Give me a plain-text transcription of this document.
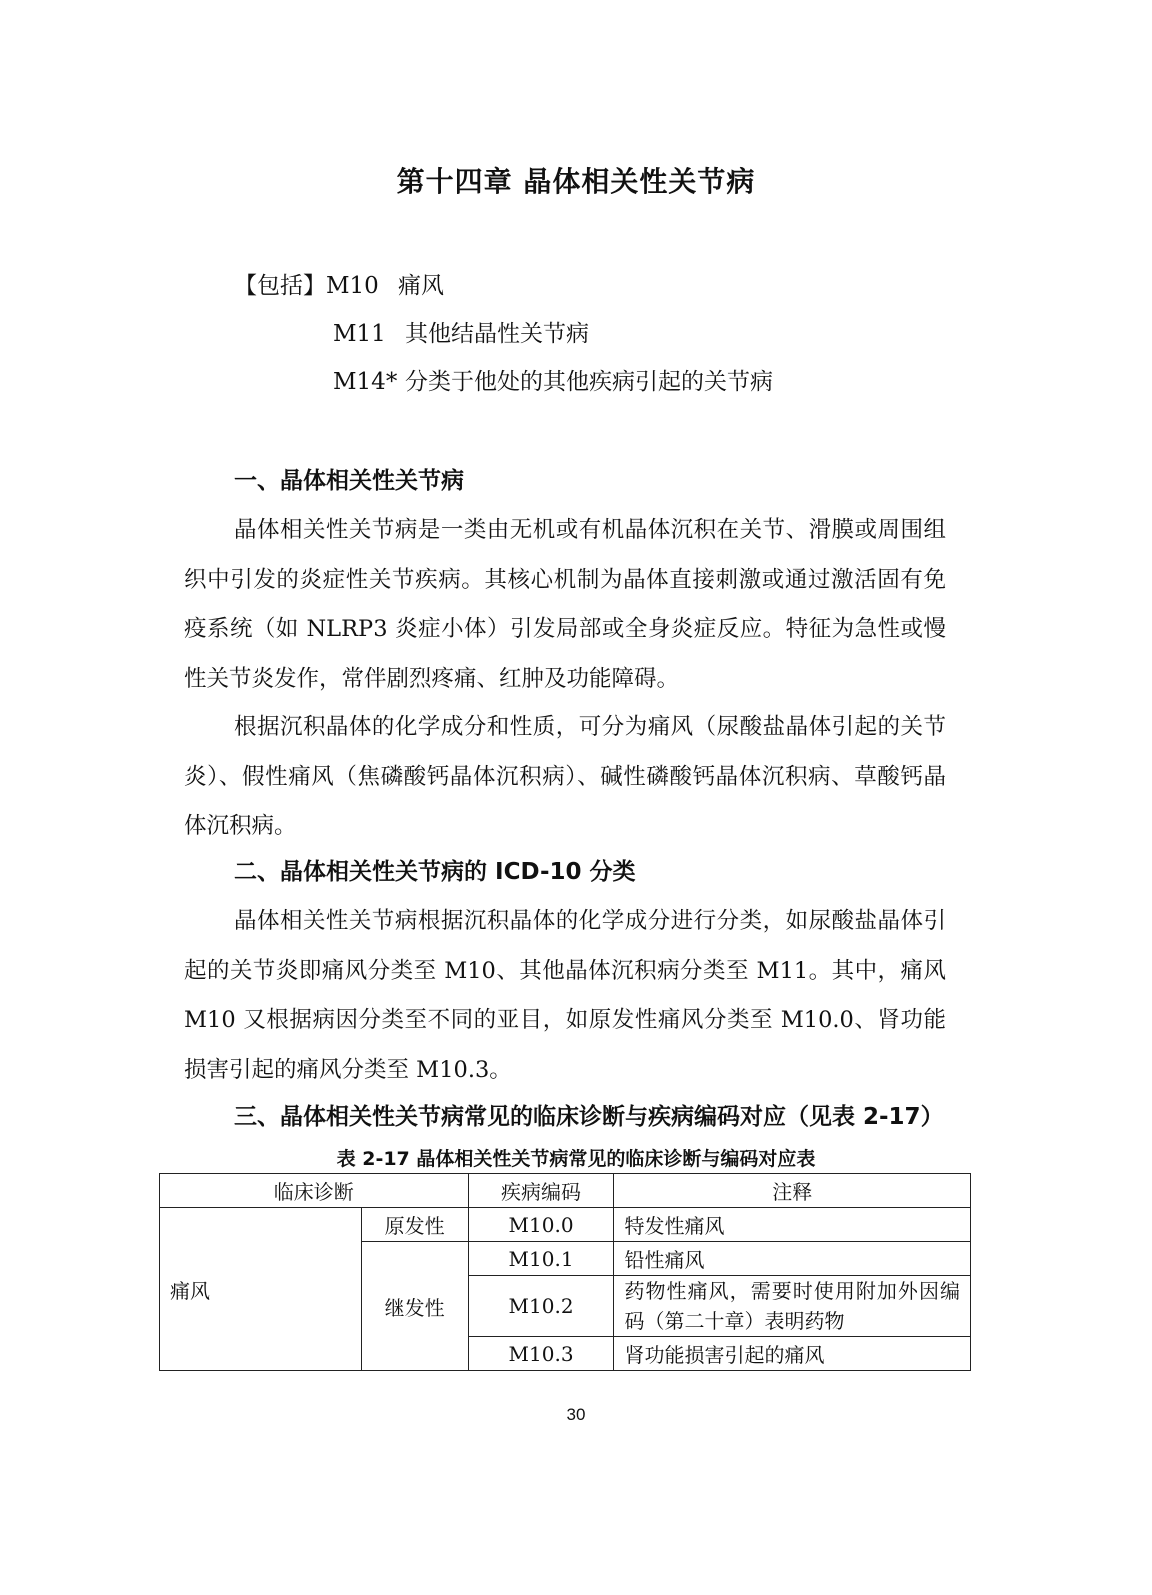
第十四章 晶体相关性关节病
【包括】M10 痛风
M11 其他结晶性关节病
M14* 分类于他处的其他疾病引起的关节病
一、晶体相关性关节病

晶体相关性关节病是一类由无机或有机晶体沉积在关节、滑膜或周围组织中引发的炎症性关节疾病。其核心机制为晶体直接刺激或通过激活固有免疫系统（如 NLRP3 炎症小体）引发局部或全身炎症反应。特征为急性或慢性关节炎发作，常伴剧烈疼痛、红肿及功能障碍。

根据沉积晶体的化学成分和性质，可分为痛风（尿酸盐晶体引起的关节炎）、假性痛风（焦磷酸钙晶体沉积病）、碱性磷酸钙晶体沉积病、草酸钙晶体沉积病。

二、晶体相关性关节病的 ICD-10 分类

晶体相关性关节病根据沉积晶体的化学成分进行分类，如尿酸盐晶体引起的关节炎即痛风分类至 M10、其他晶体沉积病分类至 M11。其中，痛风 M10 又根据病因分类至不同的亚目，如原发性痛风分类至 M10.0、肾功能损害引起的痛风分类至 M10.3。

三、晶体相关性关节病常见的临床诊断与疾病编码对应（见表 2-17）
表 2-17 晶体相关性关节病常见的临床诊断与编码对应表
临床诊断		疾病编码	注释
痛风	原发性	M10.0	特发性痛风
	继发性	M10.1	铅性痛风
		M10.2	药物性痛风，需要时使用附加外因编码（第二十章）表明药物
		M10.3	肾功能损害引起的痛风
30
